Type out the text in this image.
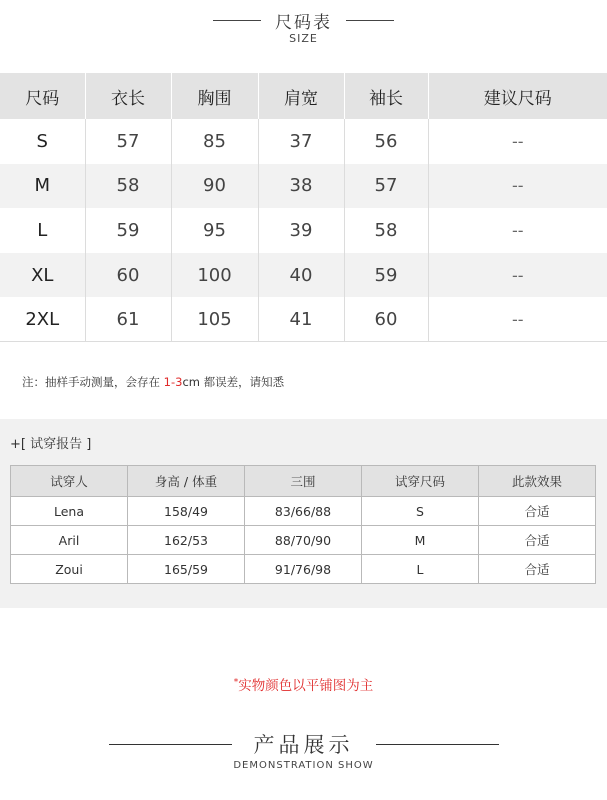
尺码表
SIZE
尺码	衣长	胸围	肩宽	袖长	建议尺码
S	57	85	37	56	--
M	58	90	38	57	--
L	59	95	39	58	--
XL	60	100	40	59	--
2XL	61	105	41	60	--
注：抽样手动测量，会存在 1-3cm 都误差，请知悉
+[ 试穿报告 ]
试穿人	身高 / 体重	三围	试穿尺码	此款效果
Lena	158/49	83/66/88	S	合适
Aril	162/53	88/70/90	M	合适
Zoui	165/59	91/76/98	L	合适
*实物颜色以平铺图为主
产品展示
DEMONSTRATION SHOW
